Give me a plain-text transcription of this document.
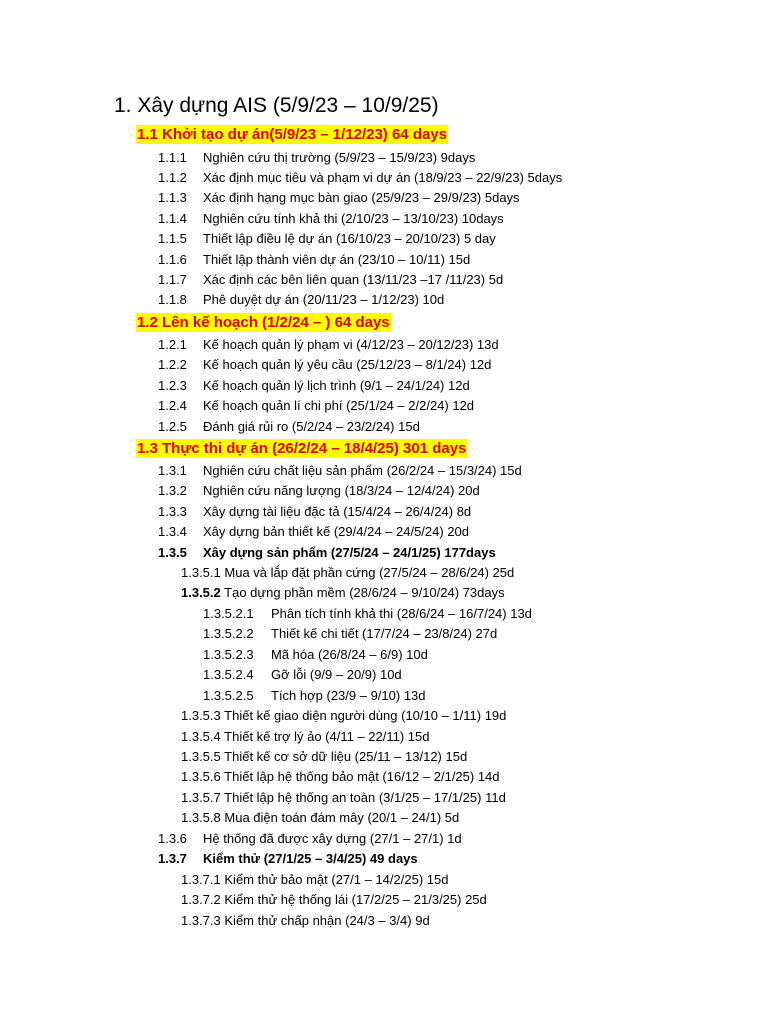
1. Xây dựng AIS (5/9/23 – 10/9/25)
1.1 Khởi tạo dự án(5/9/23 – 1/12/23) 64 days
1.1.1 Nghiên cứu thị trường (5/9/23 – 15/9/23) 9days
1.1.2 Xác định mục tiêu và phạm vi dự án (18/9/23 – 22/9/23) 5days
1.1.3 Xác định hạng mục bàn giao (25/9/23 – 29/9/23) 5days
1.1.4 Nghiên cứu tính khả thi (2/10/23 – 13/10/23) 10days
1.1.5 Thiết lập điều lệ dự án (16/10/23 – 20/10/23) 5 day
1.1.6 Thiết lập thành viên dự án (23/10 – 10/11) 15d
1.1.7 Xác định các bên liên quan (13/11/23 –17 /11/23) 5d
1.1.8 Phê duyệt dự án (20/11/23 – 1/12/23) 10d
1.2 Lên kế hoạch (1/2/24 – ) 64 days
1.2.1 Kế hoạch quản lý phạm vi (4/12/23 – 20/12/23) 13d
1.2.2 Kế hoạch quản lý yêu cầu (25/12/23 – 8/1/24) 12d
1.2.3 Kế hoạch quản lý lịch trình (9/1 – 24/1/24) 12d
1.2.4 Kế hoạch quản lí chi phí (25/1/24 – 2/2/24) 12d
1.2.5 Đánh giá rủi ro (5/2/24 – 23/2/24) 15d
1.3 Thực thi dự án (26/2/24 – 18/4/25) 301 days
1.3.1 Nghiên cứu chất liệu sản phẩm (26/2/24 – 15/3/24) 15d
1.3.2 Nghiên cứu năng lượng (18/3/24 – 12/4/24) 20d
1.3.3 Xây dựng tài liệu đặc tả (15/4/24 – 26/4/24) 8d
1.3.4 Xây dựng bản thiết kế (29/4/24 – 24/5/24) 20d
1.3.5 Xây dựng sản phẩm (27/5/24 – 24/1/25) 177days
1.3.5.1 Mua và lắp đặt phần cứng (27/5/24 – 28/6/24) 25d
1.3.5.2 Tạo dựng phần mềm (28/6/24 – 9/10/24) 73days
1.3.5.2.1 Phân tích tính khả thi (28/6/24 – 16/7/24) 13d
1.3.5.2.2 Thiết kế chi tiết (17/7/24 – 23/8/24) 27d
1.3.5.2.3 Mã hóa (26/8/24 – 6/9) 10d
1.3.5.2.4 Gỡ lỗi (9/9 – 20/9) 10d
1.3.5.2.5 Tích hợp (23/9 – 9/10) 13d
1.3.5.3 Thiết kế giao diện người dùng (10/10 – 1/11) 19d
1.3.5.4 Thiết kế trợ lý ảo (4/11 – 22/11) 15d
1.3.5.5 Thiết kế cơ sở dữ liệu (25/11 – 13/12) 15d
1.3.5.6 Thiết lập hệ thống bảo mật (16/12 – 2/1/25) 14d
1.3.5.7 Thiết lập hệ thống an toàn (3/1/25 – 17/1/25) 11d
1.3.5.8 Mua điện toán đám mây (20/1 – 24/1) 5d
1.3.6 Hệ thống đã được xây dựng (27/1 – 27/1) 1d
1.3.7 Kiểm thử (27/1/25 – 3/4/25) 49 days
1.3.7.1 Kiểm thử bảo mật (27/1 – 14/2/25) 15d
1.3.7.2 Kiểm thử hệ thống lái (17/2/25 – 21/3/25) 25d
1.3.7.3 Kiểm thử chấp nhận (24/3 – 3/4) 9d
